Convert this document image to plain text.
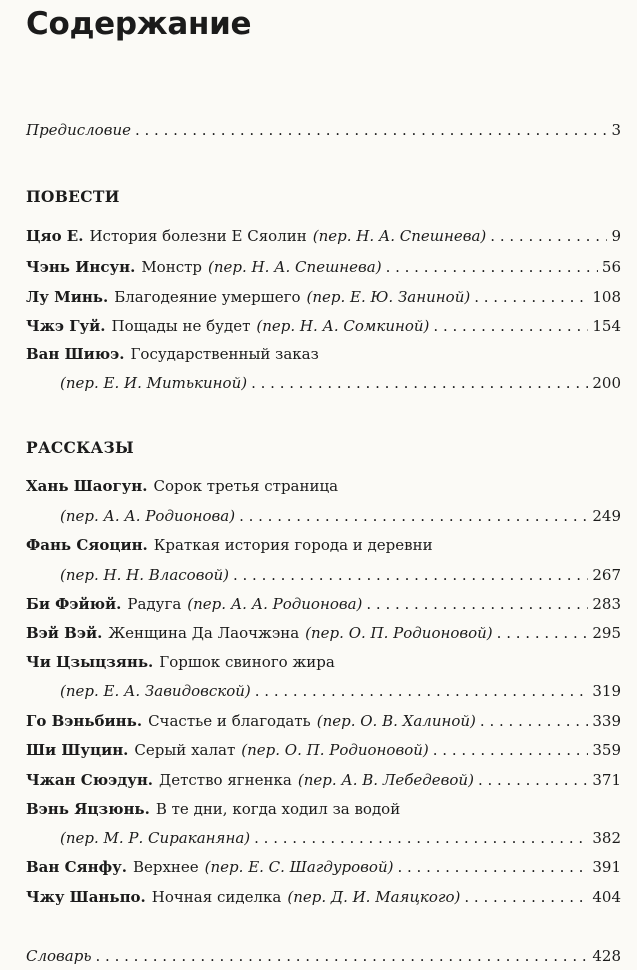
Содержание
Предисловие . . .	3
ПОВЕСТИ
Цяо Е. История болезни Е Сяолин (пер. Н. А. Спешнева) . . .	9
Чэнь Инсун. Монстр (пер. Н. А. Спешнева) . . .	56
Лу Минь. Благодеяние умершего (пер. Е. Ю. Заниной) . . .	108
Чжэ Гуй. Пощады не будет (пер. Н. А. Сомкиной) . . .	154
Ван Шиюэ. Государственный заказ
(пер. Е. И. Митькиной) . . .	200
РАССКАЗЫ
Хань Шаогун. Сорок третья страница
(пер. А. А. Родионова) . . .	249
Фань Сяоцин. Краткая история города и деревни
(пер. Н. Н. Власовой) . . .	267
Би Фэйюй. Радуга (пер. А. А. Родионова) . . .	283
Вэй Вэй. Женщина Да Лаочжэна (пер. О. П. Родионовой) . . .	295
Чи Цзыцзянь. Горшок свиного жира
(пер. Е. А. Завидовской) . . .	319
Го Вэньбинь. Счастье и благодать (пер. О. В. Халиной) . . .	339
Ши Шуцин. Серый халат (пер. О. П. Родионовой) . . .	359
Чжан Сюэдун. Детство ягненка (пер. А. В. Лебедевой) . . .	371
Вэнь Яцзюнь. В те дни, когда ходил за водой
(пер. М. Р. Сираканяна) . . .	382
Ван Сянфу. Верхнее (пер. Е. С. Шагдуровой) . . .	391
Чжу Шаньпо. Ночная сиделка (пер. Д. И. Маяцкого) . . .	404
Словарь . . .	428
